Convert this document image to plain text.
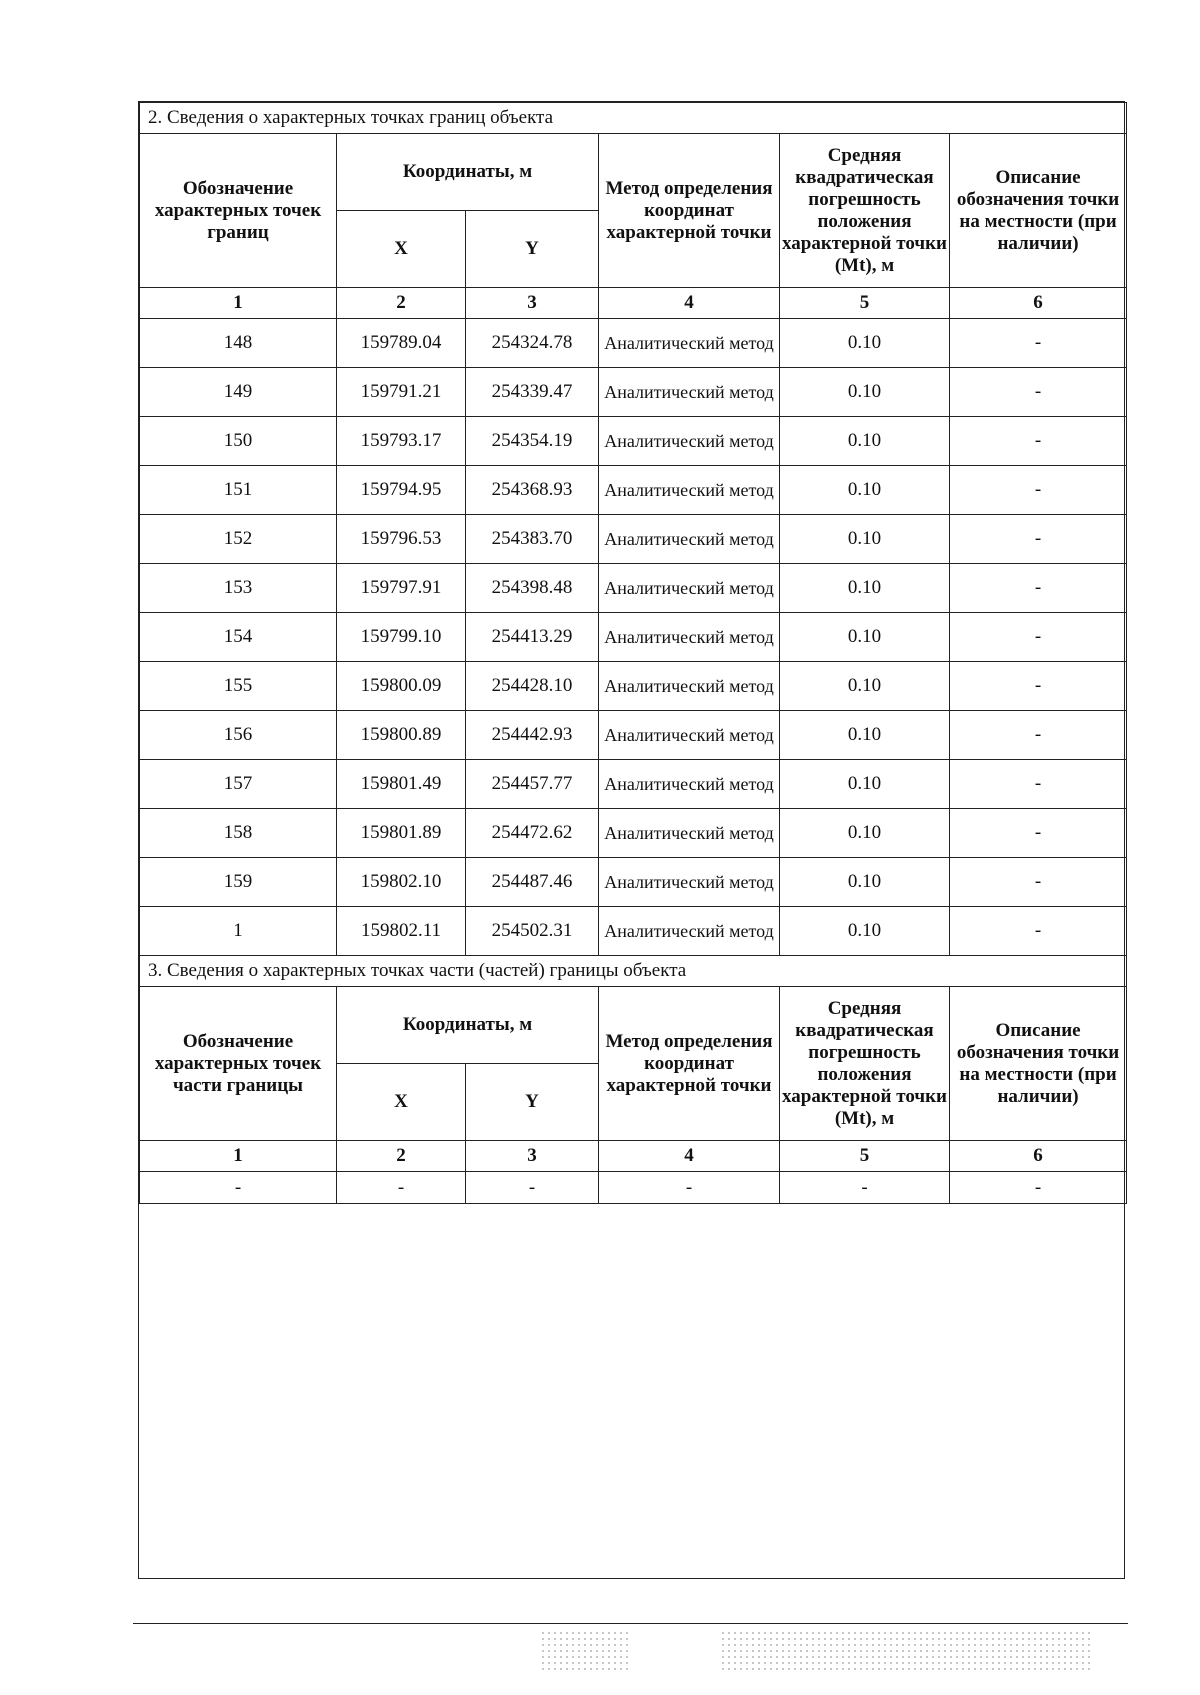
2. Сведения о характерных точках границ объекта					
Обозначение характерных точек границ	Координаты, м		Метод определения координат характерной точки	Средняя квадратическая погрешность положения характерной точки (Mt), м	Описание обозначения точки на местности (при наличии)
	X	Y			
1	2	3	4	5	6
148	159789.04	254324.78	Аналитический метод	0.10	-
149	159791.21	254339.47	Аналитический метод	0.10	-
150	159793.17	254354.19	Аналитический метод	0.10	-
151	159794.95	254368.93	Аналитический метод	0.10	-
152	159796.53	254383.70	Аналитический метод	0.10	-
153	159797.91	254398.48	Аналитический метод	0.10	-
154	159799.10	254413.29	Аналитический метод	0.10	-
155	159800.09	254428.10	Аналитический метод	0.10	-
156	159800.89	254442.93	Аналитический метод	0.10	-
157	159801.49	254457.77	Аналитический метод	0.10	-
158	159801.89	254472.62	Аналитический метод	0.10	-
159	159802.10	254487.46	Аналитический метод	0.10	-
1	159802.11	254502.31	Аналитический метод	0.10	-
3. Сведения о характерных точках части (частей) границы объекта					
Обозначение характерных точек части границы	Координаты, м		Метод определения координат характерной точки	Средняя квадратическая погрешность положения характерной точки (Mt), м	Описание обозначения точки на местности (при наличии)
	X	Y			
1	2	3	4	5	6
-	-	-	-	-	-
